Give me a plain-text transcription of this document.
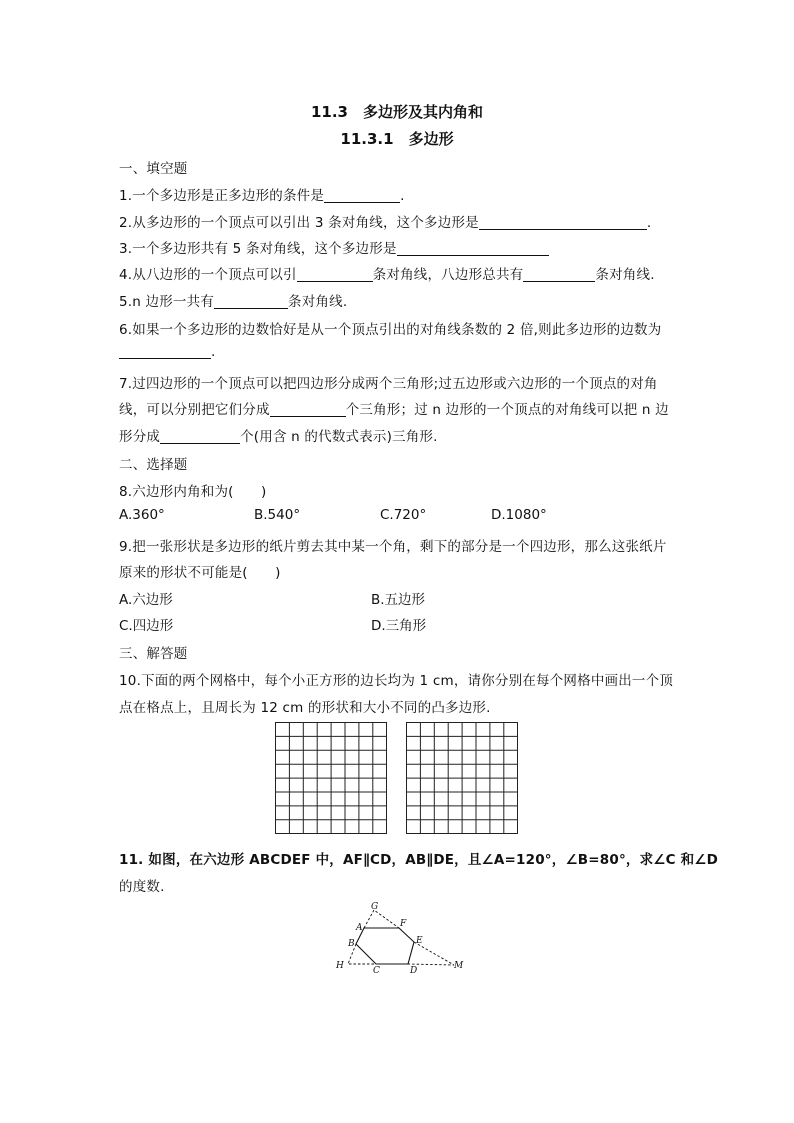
11.3　多边形及其内角和
11.3.1　多边形
一、填空题
1.一个多边形是正多边形的条件是	.
2.从多边形的一个顶点可以引出 3 条对角线，这个多边形是	.
3.一个多边形共有 5 条对角线，这个多边形是
4.从八边形的一个顶点可以引	条对角线，八边形总共有	条对角线.
5.n 边形一共有	条对角线.
6.如果一个多边形的边数恰好是从一个顶点引出的对角线条数的 2 倍,则此多边形的边数为
.
7.过四边形的一个顶点可以把四边形分成两个三角形;过五边形或六边形的一个顶点的对角
线，可以分别把它们分成	个三角形；过 n 边形的一个顶点的对角线可以把 n 边
形分成	个(用含 n 的代数式表示)三角形.
二、选择题
8.六边形内角和为(　　)
A.360°	B.540°	C.720°	D.1080°
9.把一张形状是多边形的纸片剪去其中某一个角，剩下的部分是一个四边形，那么这张纸片
原来的形状不可能是(　　)
A.六边形	B.五边形
C.四边形	D.三角形
三、解答题
10.下面的两个网格中，每个小正方形的边长均为 1 cm，请你分别在每个网格中画出一个顶
点在格点上，且周长为 12 cm 的形状和大小不同的凸多边形.
11. 如图，在六边形 ABCDEF 中，AF∥CD，AB∥DE，且∠A=120°，∠B=80°，求∠C 和∠D
的度数.
G
A	F
B	E
H	C	D	M
